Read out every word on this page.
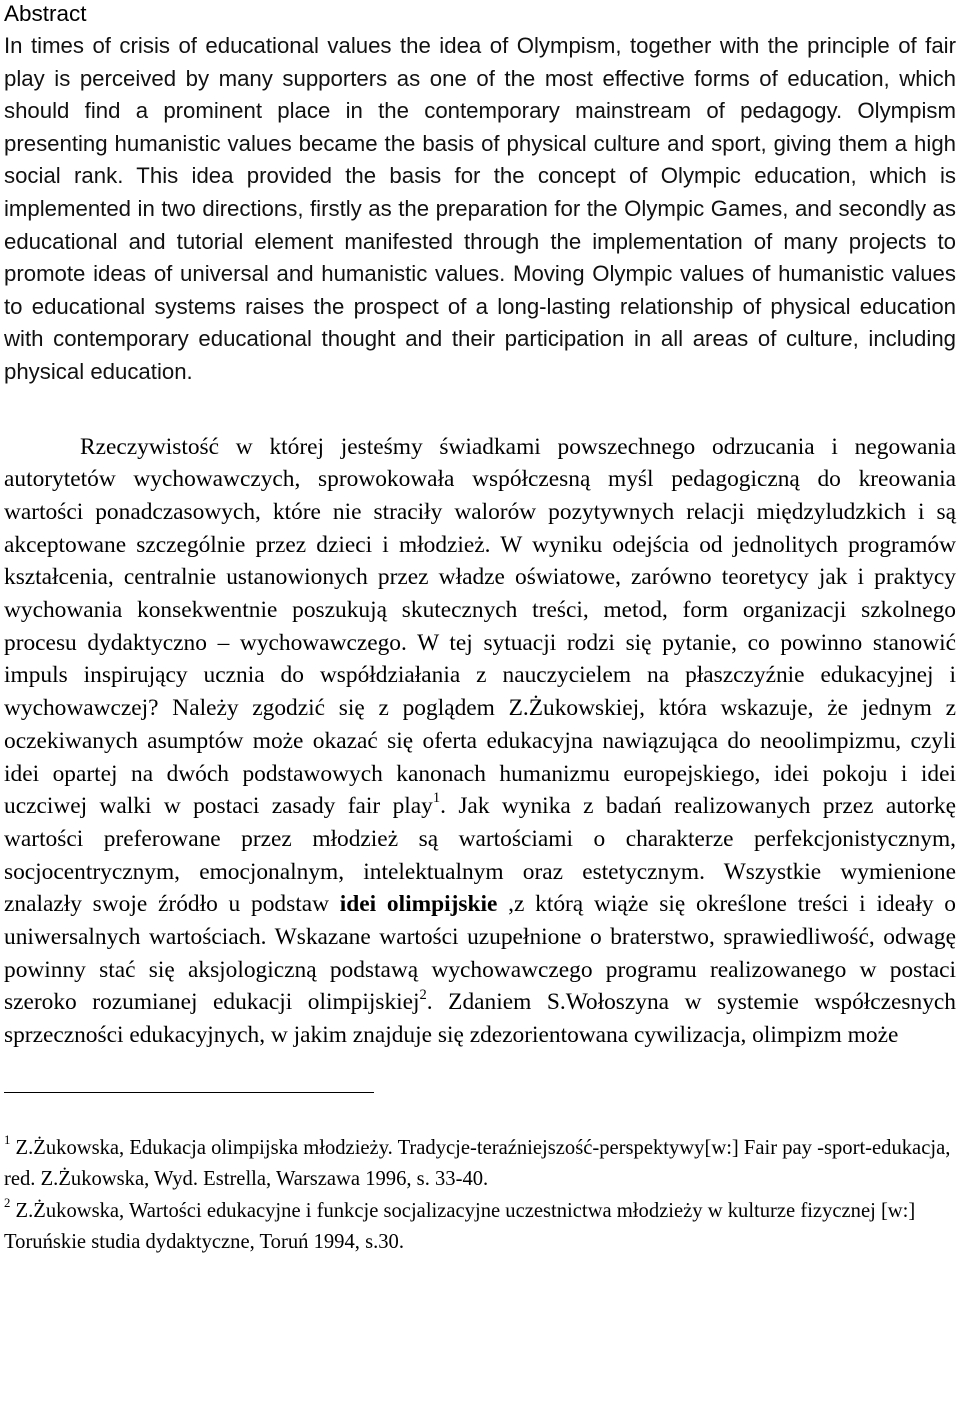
Abstract

In times of crisis of educational values the idea of Olympism, together with the principle of fair play is perceived by many supporters as one of the most effective forms of education, which should find a prominent place in the contemporary mainstream of pedagogy. Olympism presenting humanistic values became the basis of physical culture and sport, giving them a high social rank. This idea provided the basis for the concept of Olympic education, which is implemented in two directions, firstly as the preparation for the Olympic Games, and secondly as educational and tutorial element manifested through the implementation of many projects to promote ideas of universal and humanistic values. Moving Olympic values of humanistic values to educational systems raises the prospect of a long-lasting relationship of physical education with contemporary educational thought and their participation in all areas of culture, including physical education.

Rzeczywistość w której jesteśmy świadkami powszechnego odrzucania i negowania autorytetów wychowawczych, sprowokowała współczesną myśl pedagogiczną do kreowania wartości ponadczasowych, które nie straciły walorów pozytywnych relacji międzyludzkich i są akceptowane szczególnie przez dzieci i młodzież. W wyniku odejścia od jednolitych programów kształcenia, centralnie ustanowionych przez władze oświatowe, zarówno teoretycy jak i praktycy wychowania konsekwentnie poszukują skutecznych treści, metod, form organizacji szkolnego procesu dydaktyczno – wychowawczego. W tej sytuacji rodzi się pytanie, co powinno stanowić impuls inspirujący ucznia do współdziałania z nauczycielem na płaszczyźnie edukacyjnej i wychowawczej? Należy zgodzić się z poglądem Z.Żukowskiej, która wskazuje, że jednym z oczekiwanych asumptów może okazać się oferta edukacyjna nawiązująca do neoolimpizmu, czyli idei opartej na dwóch podstawowych kanonach humanizmu europejskiego, idei pokoju i idei uczciwej walki w postaci zasady fair play$^1$. Jak wynika z badań realizowanych przez autorkę wartości preferowane przez młodzież są wartościami o charakterze perfekcjonistycznym, socjocentrycznym, emocjonalnym, intelektualnym oraz estetycznym. Wszystkie wymienione znalazły swoje źródło u podstaw idei olimpijskie ,z którą wiąże się określone treści i ideały o uniwersalnych wartościach. Wskazane wartości uzupełnione o braterstwo, sprawiedliwość, odwagę powinny stać się aksjologiczną podstawą wychowawczego programu realizowanego w postaci szeroko rozumianej edukacji olimpijskiej$^2$. Zdaniem S.Wołoszyna w systemie współczesnych sprzeczności edukacyjnych, w jakim znajduje się zdezorientowana cywilizacja, olimpizm może

$^1$ Z.Żukowska, Edukacja olimpijska młodzieży. Tradycje-teraźniejszość-perspektywy[w:] Fair pay -sport-edukacja, red. Z.Żukowska, Wyd. Estrella, Warszawa 1996, s. 33-40.

$^2$ Z.Żukowska, Wartości edukacyjne i funkcje socjalizacyjne uczestnictwa młodzieży w kulturze fizycznej [w:] Toruńskie studia dydaktyczne, Toruń 1994, s.30.
